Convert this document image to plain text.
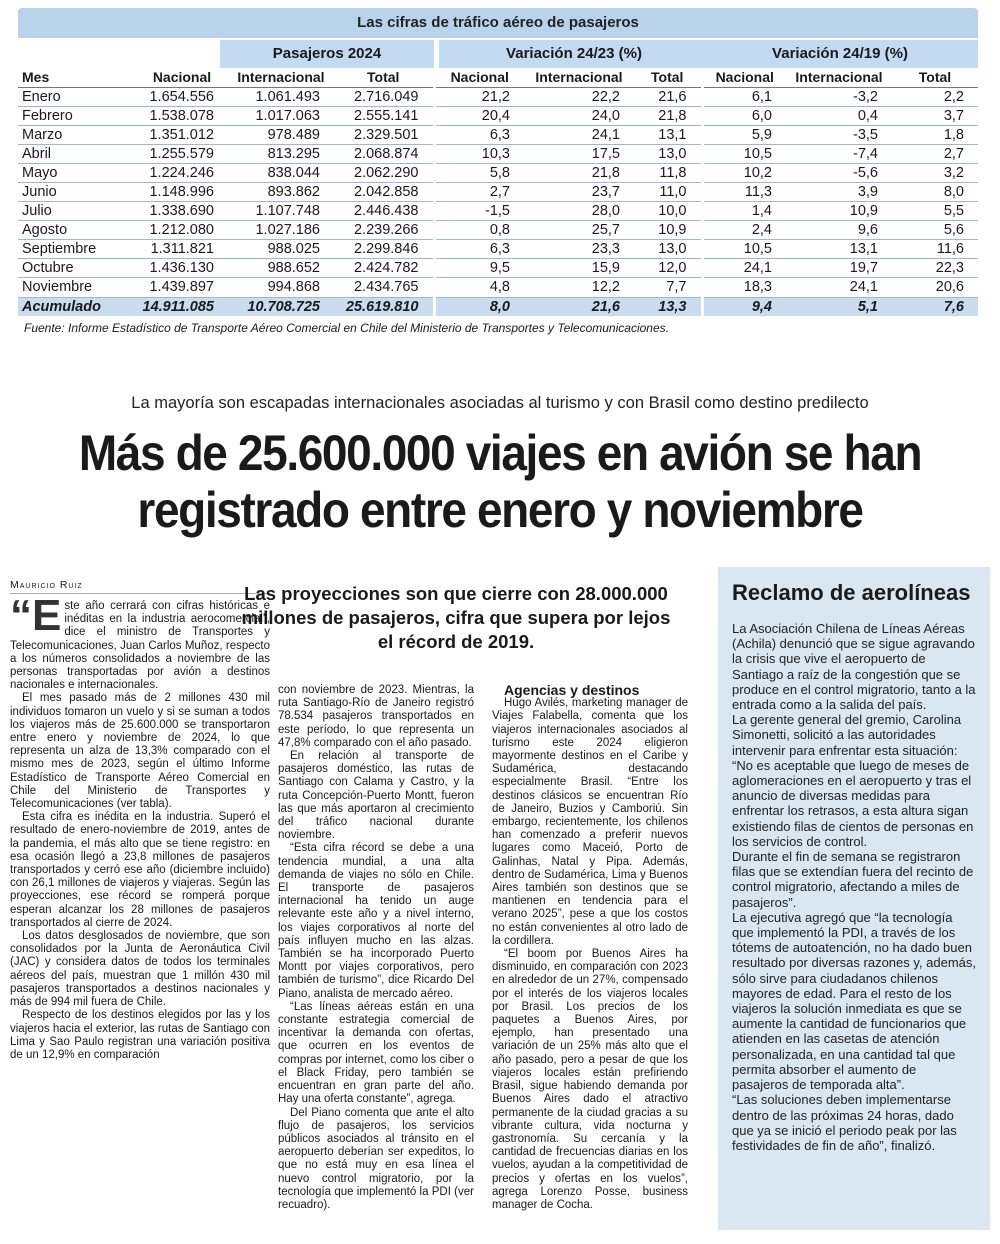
Las cifras de tráfico aéreo de pasajeros
Pasajeros 2024	Variación 24/23 (%)	Variación 24/19 (%)
Mes	Nacional	Internacional	Total	Nacional	Internacional	Total	Nacional	Internacional	Total
Enero	1.654.556	1.061.493	2.716.049	21,2	22,2	21,6	6,1	-3,2	2,2
Febrero	1.538.078	1.017.063	2.555.141	20,4	24,0	21,8	6,0	0,4	3,7
Marzo	1.351.012	978.489	2.329.501	6,3	24,1	13,1	5,9	-3,5	1,8
Abril	1.255.579	813.295	2.068.874	10,3	17,5	13,0	10,5	-7,4	2,7
Mayo	1.224.246	838.044	2.062.290	5,8	21,8	11,8	10,2	-5,6	3,2
Junio	1.148.996	893.862	2.042.858	2,7	23,7	11,0	11,3	3,9	8,0
Julio	1.338.690	1.107.748	2.446.438	-1,5	28,0	10,0	1,4	10,9	5,5
Agosto	1.212.080	1.027.186	2.239.266	0,8	25,7	10,9	2,4	9,6	5,6
Septiembre	1.311.821	988.025	2.299.846	6,3	23,3	13,0	10,5	13,1	11,6
Octubre	1.436.130	988.652	2.424.782	9,5	15,9	12,0	24,1	19,7	22,3
Noviembre	1.439.897	994.868	2.434.765	4,8	12,2	7,7	18,3	24,1	20,6
Acumulado	14.911.085	10.708.725	25.619.810	8,0	21,6	13,3	9,4	5,1	7,6
Fuente: Informe Estadístico de Transporte Aéreo Comercial en Chile del Ministerio de Transportes y Telecomunicaciones.
La mayoría son escapadas internacionales asociadas al turismo y con Brasil como destino predilecto
Más de 25.600.000 viajes en avión se han
registrado entre enero y noviembre
Mauricio Ruiz

“E ste año cerrará con cifras históricas e inéditas en la industria aerocomercial”, dice el ministro de Transportes y Telecomunicaciones, Juan Carlos Muñoz, respecto a los números consolidados a noviembre de las personas transportadas por avión a destinos nacionales e internacionales.

El mes pasado más de 2 millones 430 mil individuos tomaron un vuelo y si se suman a todos los viajeros más de 25.600.000 se transportaron entre enero y noviembre de 2024, lo que representa un alza de 13,3% comparado con el mismo mes de 2023, según el último Informe Estadístico de Transporte Aéreo Comercial en Chile del Ministerio de Transportes y Telecomunicaciones (ver tabla).

Esta cifra es inédita en la industria. Superó el resultado de enero-noviembre de 2019, antes de la pandemia, el más alto que se tiene registro: en esa ocasión llegó a 23,8 millones de pasajeros transportados y cerró ese año (diciembre incluido) con 26,1 millones de viajeros y viajeras. Según las proyecciones, ese récord se romperá porque esperan alcanzar los 28 millones de pasajeros transportados al cierre de 2024.

Los datos desglosados de noviembre, que son consolidados por la Junta de Aeronáutica Civil (JAC) y considera datos de todos los terminales aéreos del país, muestran que 1 millón 430 mil pasajeros transportados a destinos nacionales y más de 994 mil fuera de Chile.

Respecto de los destinos elegidos por las y los viajeros hacia el exterior, las rutas de Santiago con Lima y Sao Paulo registran una variación positiva de un 12,9% en comparación

Las proyecciones son que cierre con 28.000.000 millones de pasajeros, cifra que supera por lejos el récord de 2019.

con noviembre de 2023. Mientras, la ruta Santiago-Río de Janeiro registró 78.534 pasajeros transportados en este período, lo que representa un 47,8% comparado con el año pasado.

En relación al transporte de pasajeros doméstico, las rutas de Santiago con Calama y Castro, y la ruta Concepción-Puerto Montt, fueron las que más aportaron al crecimiento del tráfico nacional durante noviembre.

“Esta cifra récord se debe a una tendencia mundial, a una alta demanda de viajes no sólo en Chile. El transporte de pasajeros internacional ha tenido un auge relevante este año y a nivel interno, los viajes corporativos al norte del país influyen mucho en las alzas. También se ha incorporado Puerto Montt por viajes corporativos, pero también de turismo”, dice Ricardo Del Piano, analista de mercado aéreo.

“Las líneas aéreas están en una constante estrategia comercial de incentivar la demanda con ofertas, que ocurren en los eventos de compras por internet, como los ciber o el Black Friday, pero también se encuentran en gran parte del año. Hay una oferta constante”, agrega.

Del Piano comenta que ante el alto flujo de pasajeros, los servicios públicos asociados al tránsito en el aeropuerto deberían ser expeditos, lo que no está muy en esa línea el nuevo control migratorio, por la tecnología que implementó la PDI (ver recuadro).

Agencias y destinos

Hugo Avilés, marketing manager de Viajes Falabella, comenta que los viajeros internacionales asociados al turismo este 2024 eligieron mayormente destinos en el Caribe y Sudamérica, destacando especialmente Brasil. “Entre los destinos clásicos se encuentran Río de Janeiro, Buzios y Camboriú. Sin embargo, recientemente, los chilenos han comenzado a preferir nuevos lugares como Maceió, Porto de Galinhas, Natal y Pipa. Además, dentro de Sudamérica, Lima y Buenos Aires también son destinos que se mantienen en tendencia para el verano 2025”, pese a que los costos no están convenientes al otro lado de la cordillera.

“El boom por Buenos Aires ha disminuido, en comparación con 2023 en alrededor de un 27%, compensado por el interés de los viajeros locales por Brasil. Los precios de los paquetes a Buenos Aires, por ejemplo, han presentado una variación de un 25% más alto que el año pasado, pero a pesar de que los viajeros locales están prefiriendo Brasil, sigue habiendo demanda por Buenos Aires dado el atractivo permanente de la ciudad gracias a su vibrante cultura, vida nocturna y gastronomía. Su cercanía y la cantidad de frecuencias diarias en los vuelos, ayudan a la competitividad de precios y ofertas en los vuelos”, agrega Lorenzo Posse, business manager de Cocha.

Reclamo de aerolíneas

La Asociación Chilena de Líneas Aéreas (Achila) denunció que se sigue agravando la crisis que vive el aeropuerto de Santiago a raíz de la congestión que se produce en el control migratorio, tanto a la entrada como a la salida del país.

La gerente general del gremio, Carolina Simonetti, solicitó a las autoridades intervenir para enfrentar esta situación: “No es aceptable que luego de meses de aglomeraciones en el aeropuerto y tras el anuncio de diversas medidas para enfrentar los retrasos, a esta altura sigan existiendo filas de cientos de personas en los servicios de control.

Durante el fin de semana se registraron filas que se extendían fuera del recinto de control migratorio, afectando a miles de pasajeros”.

La ejecutiva agregó que “la tecnología que implementó la PDI, a través de los tótems de autoatención, no ha dado buen resultado por diversas razones y, además, sólo sirve para ciudadanos chilenos mayores de edad. Para el resto de los viajeros la solución inmediata es que se aumente la cantidad de funcionarios que atienden en las casetas de atención personalizada, en una cantidad tal que permita absorber el aumento de pasajeros de temporada alta”.

“Las soluciones deben implementarse dentro de las próximas 24 horas, dado que ya se inició el periodo peak por las festividades de fin de año”, finalizó.
